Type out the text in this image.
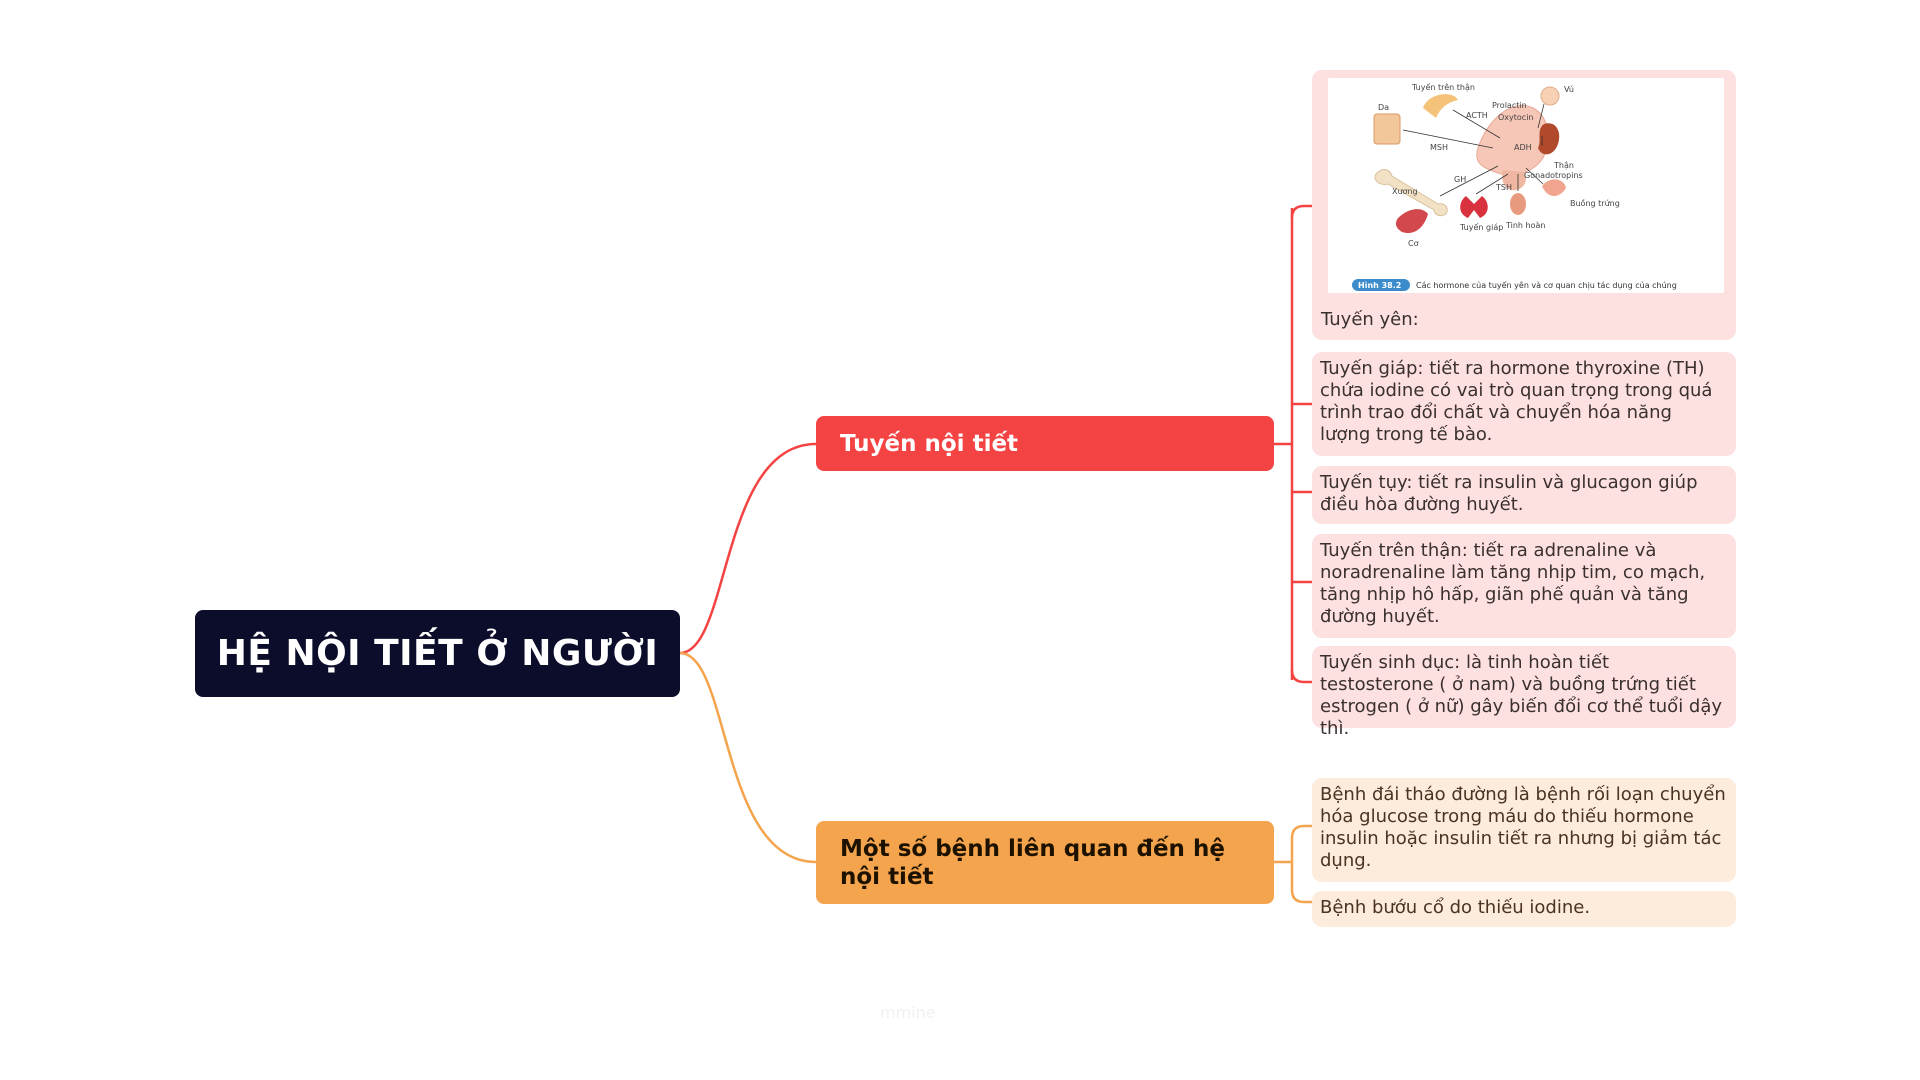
HỆ NỘI TIẾT Ở NGƯỜI
Tuyến nội tiết
Một số bệnh liên quan đến hệ nội tiết
Tuyến trên thận
Da
ACTH
MSH
GH
TSH
Xương
Cơ
Tuyến giáp Tinh hoàn
Prolactin
Oxytocin
Vú
ADH
Thận
Gonadotropins
Buồng trứng
Hình 38.2 Các hormone của tuyến yên và cơ quan chịu tác dụng của chúng
Tuyến yên:
Tuyến giáp: tiết ra hormone thyroxine (TH) chứa iodine có vai trò quan trọng trong quá trình trao đổi chất và chuyển hóa năng lượng trong tế bào.
Tuyến tụy: tiết ra insulin và glucagon giúp điều hòa đường huyết.
Tuyến trên thận: tiết ra adrenaline và noradrenaline làm tăng nhịp tim, co mạch, tăng nhịp hô hấp, giãn phế quản và tăng đường huyết.
Tuyến sinh dục: là tinh hoàn tiết testosterone ( ở nam) và buồng trứng tiết estrogen ( ở nữ) gây biến đổi cơ thể tuổi dậy thì.
Bệnh đái tháo đường là bệnh rối loạn chuyển hóa glucose trong máu do thiếu hormone insulin hoặc insulin tiết ra nhưng bị giảm tác dụng.
Bệnh bướu cổ do thiếu iodine.
mmine
